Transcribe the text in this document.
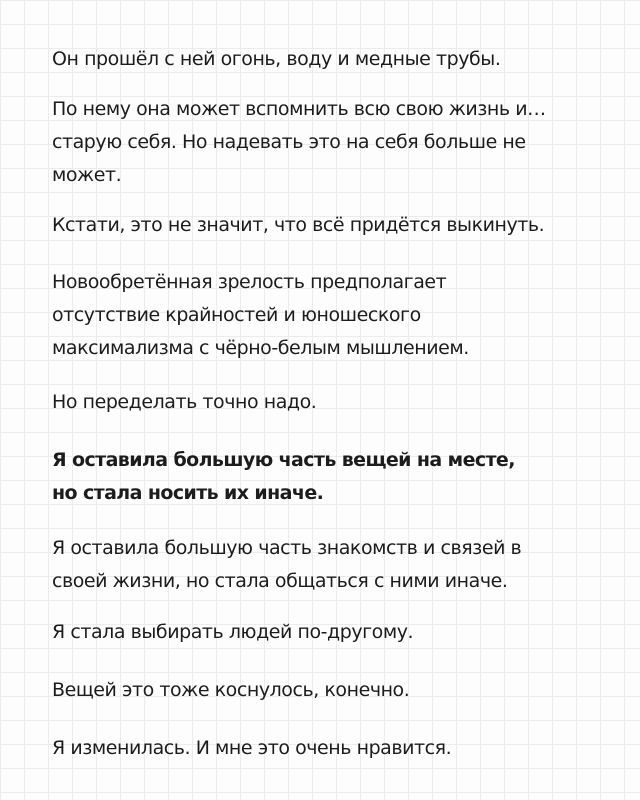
Он прошёл с ней огонь, воду и медные трубы.

По нему она может вспомнить всю свою жизнь и…
старую себя. Но надевать это на себя больше не
может.

Кстати, это не значит, что всё придётся выкинуть.

Новообретённая зрелость предполагает
отсутствие крайностей и юношеского
максимализма с чёрно-белым мышлением.

Но переделать точно надо.

Я оставила большую часть вещей на месте,
но стала носить их иначе.

Я оставила большую часть знакомств и связей в
своей жизни, но стала общаться с ними иначе.

Я стала выбирать людей по-другому.

Вещей это тоже коснулось, конечно.

Я изменилась. И мне это очень нравится.
